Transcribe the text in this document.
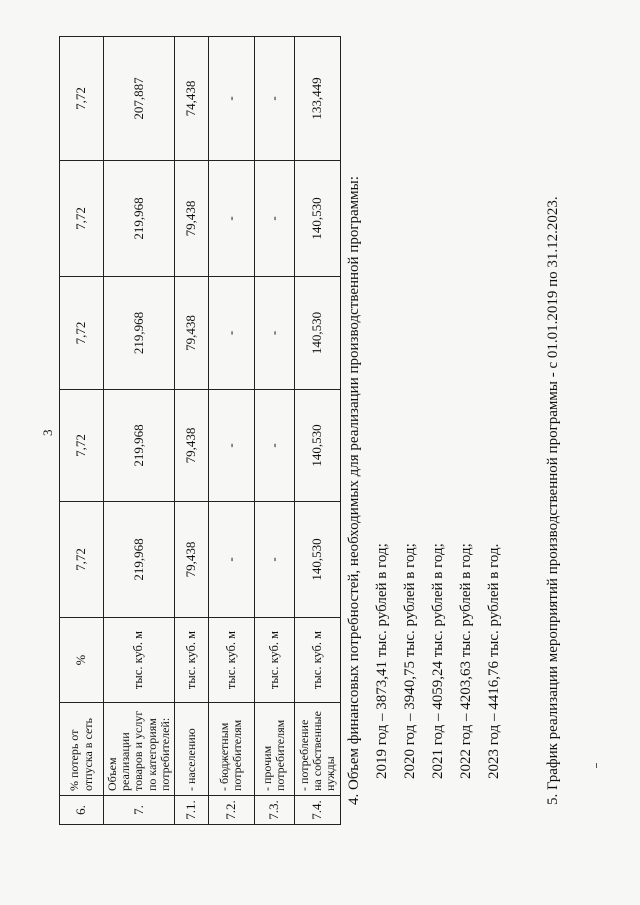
3
6.	% потерь от отпуска в сеть	%	7,72	7,72	7,72	7,72	7,72
7.	Объем реализации товаров и услуг по категориям потребителей:	тыс. куб. м	219,968	219,968	219,968	219,968	207,887
7.1.	- населению	тыс. куб. м	79,438	79,438	79,438	79,438	74,438
7.2.	- бюджетным потребителям	тыс. куб. м	-	-	-	-	-
7.3.	- прочим потребителям	тыс. куб. м	-	-	-	-	-
7.4.	- потребление на собственные нужды	тыс. куб. м	140,530	140,530	140,530	140,530	133,449

4. Объем финансовых потребностей, необходимых для реализации производственной программы: 2019 год – 3873,41 тыс. рублей в год; 2020 год – 3940,75 тыс. рублей в год; 2021 год – 4059,24 тыс. рублей в год; 2022 год – 4203,63 тыс. рублей в год; 2023 год – 4416,76 тыс. рублей в год.	5. График реализации мероприятий производственной программы - с 01.01.2019 по 31.12.2023.
